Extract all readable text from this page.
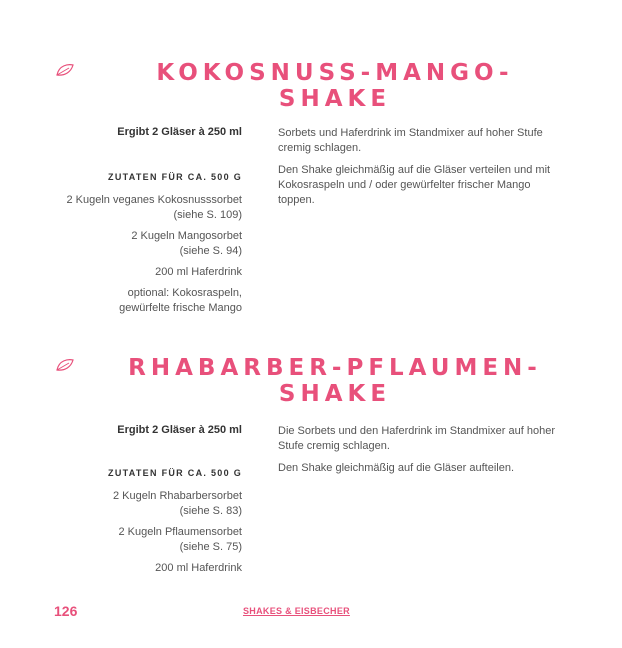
KOKOSNUSS-MANGO-
SHAKE
Ergibt 2 Gläser à 250 ml
ZUTATEN FÜR CA. 500 G
2 Kugeln veganes Kokosnusssorbet
(siehe S. 109)
2 Kugeln Mangosorbet
(siehe S. 94)
200 ml Haferdrink
optional: Kokosraspeln,
gewürfelte frische Mango
Sorbets und Haferdrink im Standmixer auf hoher Stufe cremig schlagen.
Den Shake gleichmäßig auf die Gläser verteilen und mit Kokosraspeln und / oder gewürfelter frischer Mango toppen.
RHABARBER-PFLAUMEN-
SHAKE
Ergibt 2 Gläser à 250 ml
ZUTATEN FÜR CA. 500 G
2 Kugeln Rhabarbersorbet
(siehe S. 83)
2 Kugeln Pflaumensorbet
(siehe S. 75)
200 ml Haferdrink
Die Sorbets und den Haferdrink im Standmixer auf hoher Stufe cremig schlagen.
Den Shake gleichmäßig auf die Gläser aufteilen.
126	SHAKES & EISBECHER
